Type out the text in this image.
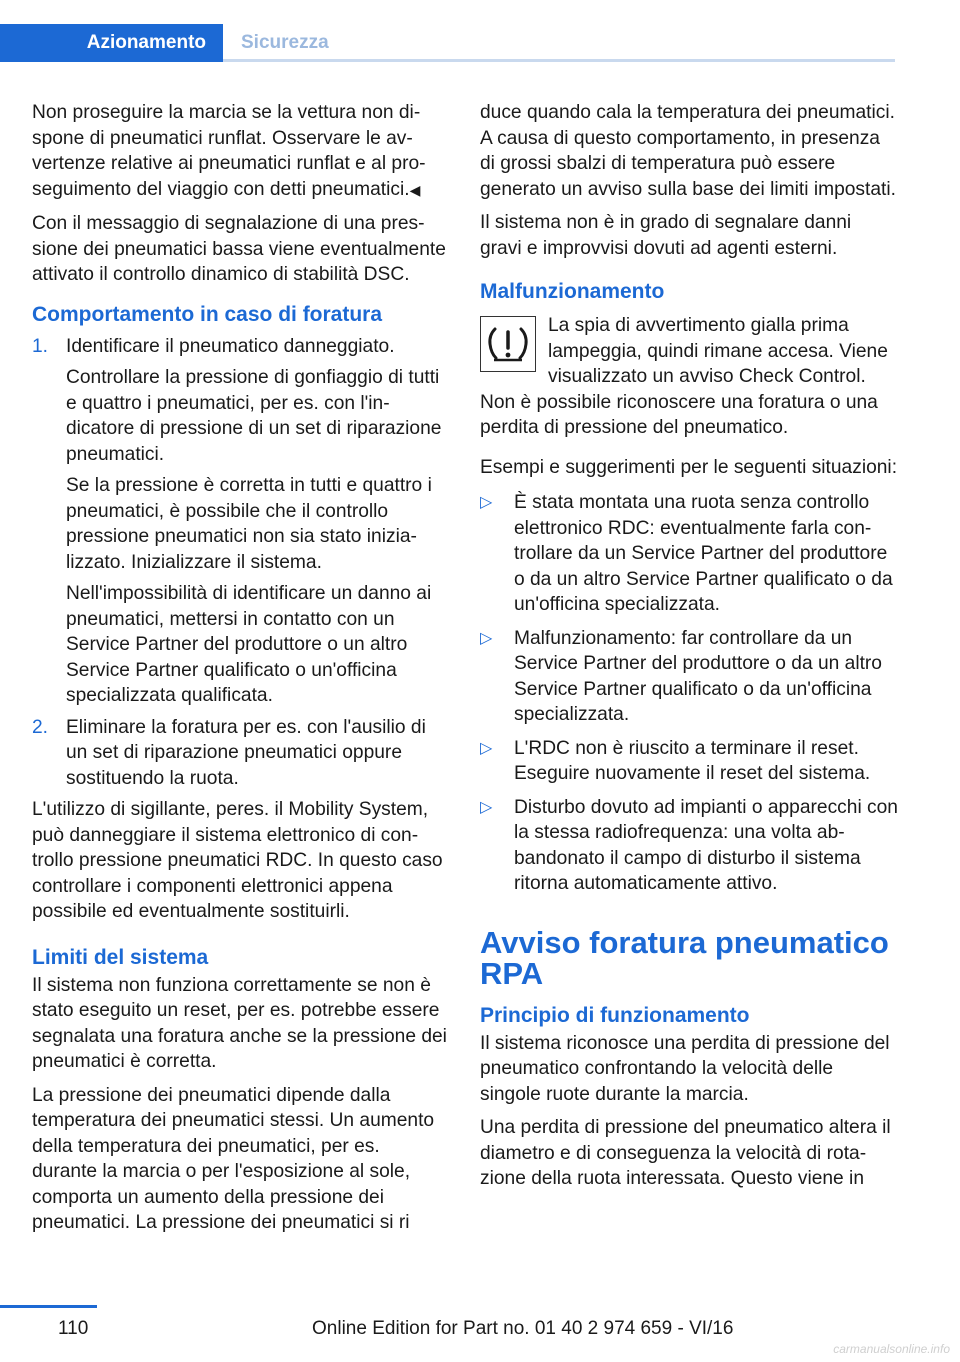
Azionamento	Sicurezza

Non proseguire la marcia se la vettura non dispone di pneumatici runflat. Osservare le avvertenze relative ai pneumatici runflat e al proseguimento del viaggio con detti pneumatici.◀

Con il messaggio di segnalazione di una pressione dei pneumatici bassa viene eventualmente attivato il controllo dinamico di stabilità DSC.

Comportamento in caso di foratura
1. Identificare il pneumatico danneggiato.

Controllare la pressione di gonfiaggio di tutti e quattro i pneumatici, per es. con l'indicatore di pressione di un set di riparazione pneumatici.

Se la pressione è corretta in tutti e quattro i pneumatici, è possibile che il controllo pressione pneumatici non sia stato inizializzato. Inizializzare il sistema.

Nell'impossibilità di identificare un danno ai pneumatici, mettersi in contatto con un Service Partner del produttore o un altro Service Partner qualificato o un'officina specializzata qualificata.

2. Eliminare la foratura per es. con l'ausilio di un set di riparazione pneumatici oppure sostituendo la ruota.

L'utilizzo di sigillante, peres. il Mobility System, può danneggiare il sistema elettronico di controllo pressione pneumatici RDC. In questo caso controllare i componenti elettronici appena possibile ed eventualmente sostituirli.

Limiti del sistema

Il sistema non funziona correttamente se non è stato eseguito un reset, per es. potrebbe essere segnalata una foratura anche se la pressione dei pneumatici è corretta.

La pressione dei pneumatici dipende dalla temperatura dei pneumatici stessi. Un aumento della temperatura dei pneumatici, per es. durante la marcia o per l'esposizione al sole, comporta un aumento della pressione dei pneumatici. La pressione dei pneumatici si ri

duce quando cala la temperatura dei pneumatici. A causa di questo comportamento, in presenza di grossi sbalzi di temperatura può essere generato un avviso sulla base dei limiti impostati.

Il sistema non è in grado di segnalare danni gravi e improvvisi dovuti ad agenti esterni.

Malfunzionamento
La spia di avvertimento gialla prima lampeggia, quindi rimane accesa. Viene visualizzato un avviso Check Control.

Non è possibile riconoscere una foratura o una perdita di pressione del pneumatico.

Esempi e suggerimenti per le seguenti situazioni:

▷ È stata montata una ruota senza controllo elettronico RDC: eventualmente farla controllare da un Service Partner del produttore o da un altro Service Partner qualificato o da un'officina specializzata.
▷ Malfunzionamento: far controllare da un Service Partner del produttore o da un altro Service Partner qualificato o da un'officina specializzata.
▷ L'RDC non è riuscito a terminare il reset. Eseguire nuovamente il reset del sistema.
▷ Disturbo dovuto ad impianti o apparecchi con la stessa radiofrequenza: una volta abbandonato il campo di disturbo il sistema ritorna automaticamente attivo.
Avviso foratura pneumatico RPA
Principio di funzionamento

Il sistema riconosce una perdita di pressione del pneumatico confrontando la velocità delle singole ruote durante la marcia.

Una perdita di pressione del pneumatico altera il diametro e di conseguenza la velocità di rotazione della ruota interessata. Questo viene in

110	Online Edition for Part no. 01 40 2 974 659 - VI/16
carmanualsonline.info
